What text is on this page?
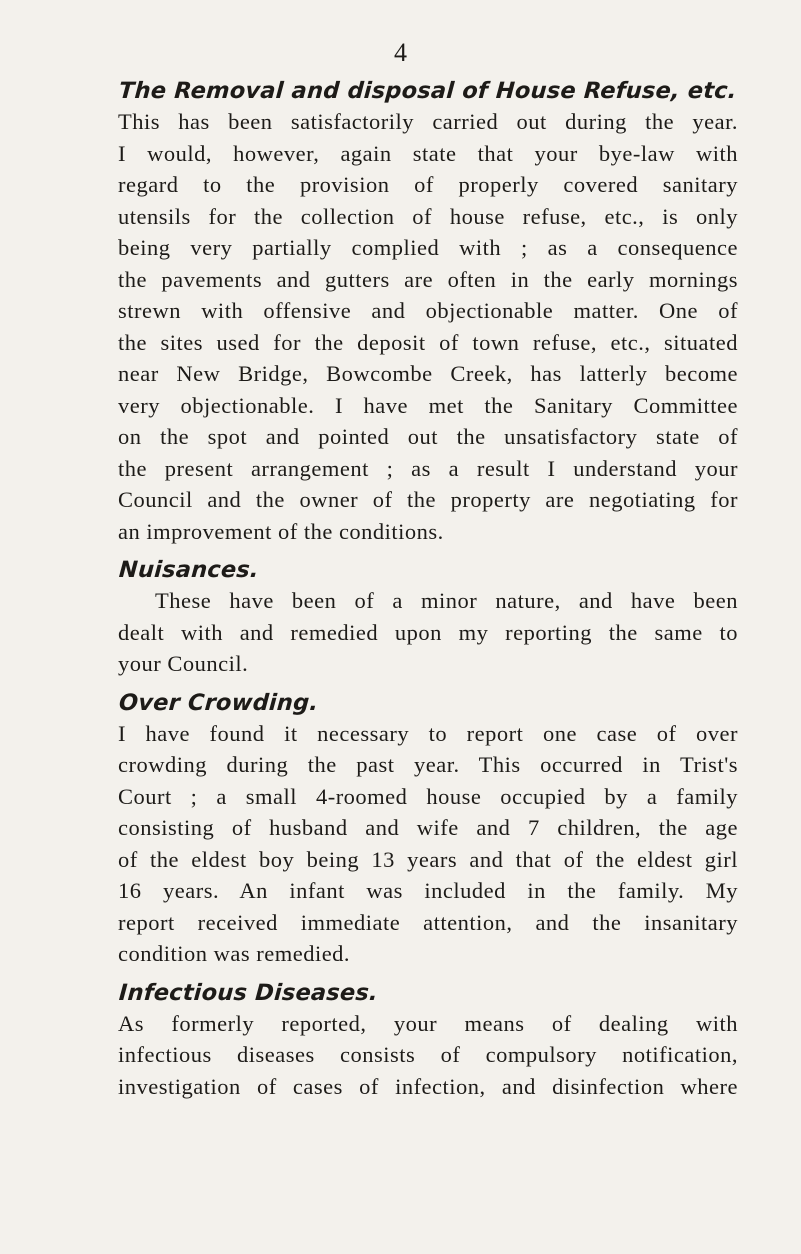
4
The Removal and disposal of House Refuse, etc.
This has been satisfactorily carried out during the year.
I would, however, again state that your bye-law with
regard to the provision of properly covered sanitary
utensils for the collection of house refuse, etc., is only
being very partially complied with ; as a consequence
the pavements and gutters are often in the early mornings
strewn with offensive and objectionable matter. One of
the sites used for the deposit of town refuse, etc., situated
near New Bridge, Bowcombe Creek, has latterly become
very objectionable. I have met the Sanitary Committee
on the spot and pointed out the unsatisfactory state of
the present arrangement ; as a result I understand your
Council and the owner of the property are negotiating for
an improvement of the conditions.
Nuisances.
These have been of a minor nature, and have been
dealt with and remedied upon my reporting the same to
your Council.
Over Crowding.
I have found it necessary to report one case of over
crowding during the past year. This occurred in Trist's
Court ; a small 4-roomed house occupied by a family
consisting of husband and wife and 7 children, the age
of the eldest boy being 13 years and that of the eldest girl
16 years. An infant was included in the family. My
report received immediate attention, and the insanitary
condition was remedied.
Infectious Diseases.
As formerly reported, your means of dealing with
infectious diseases consists of compulsory notification,
investigation of cases of infection, and disinfection where
